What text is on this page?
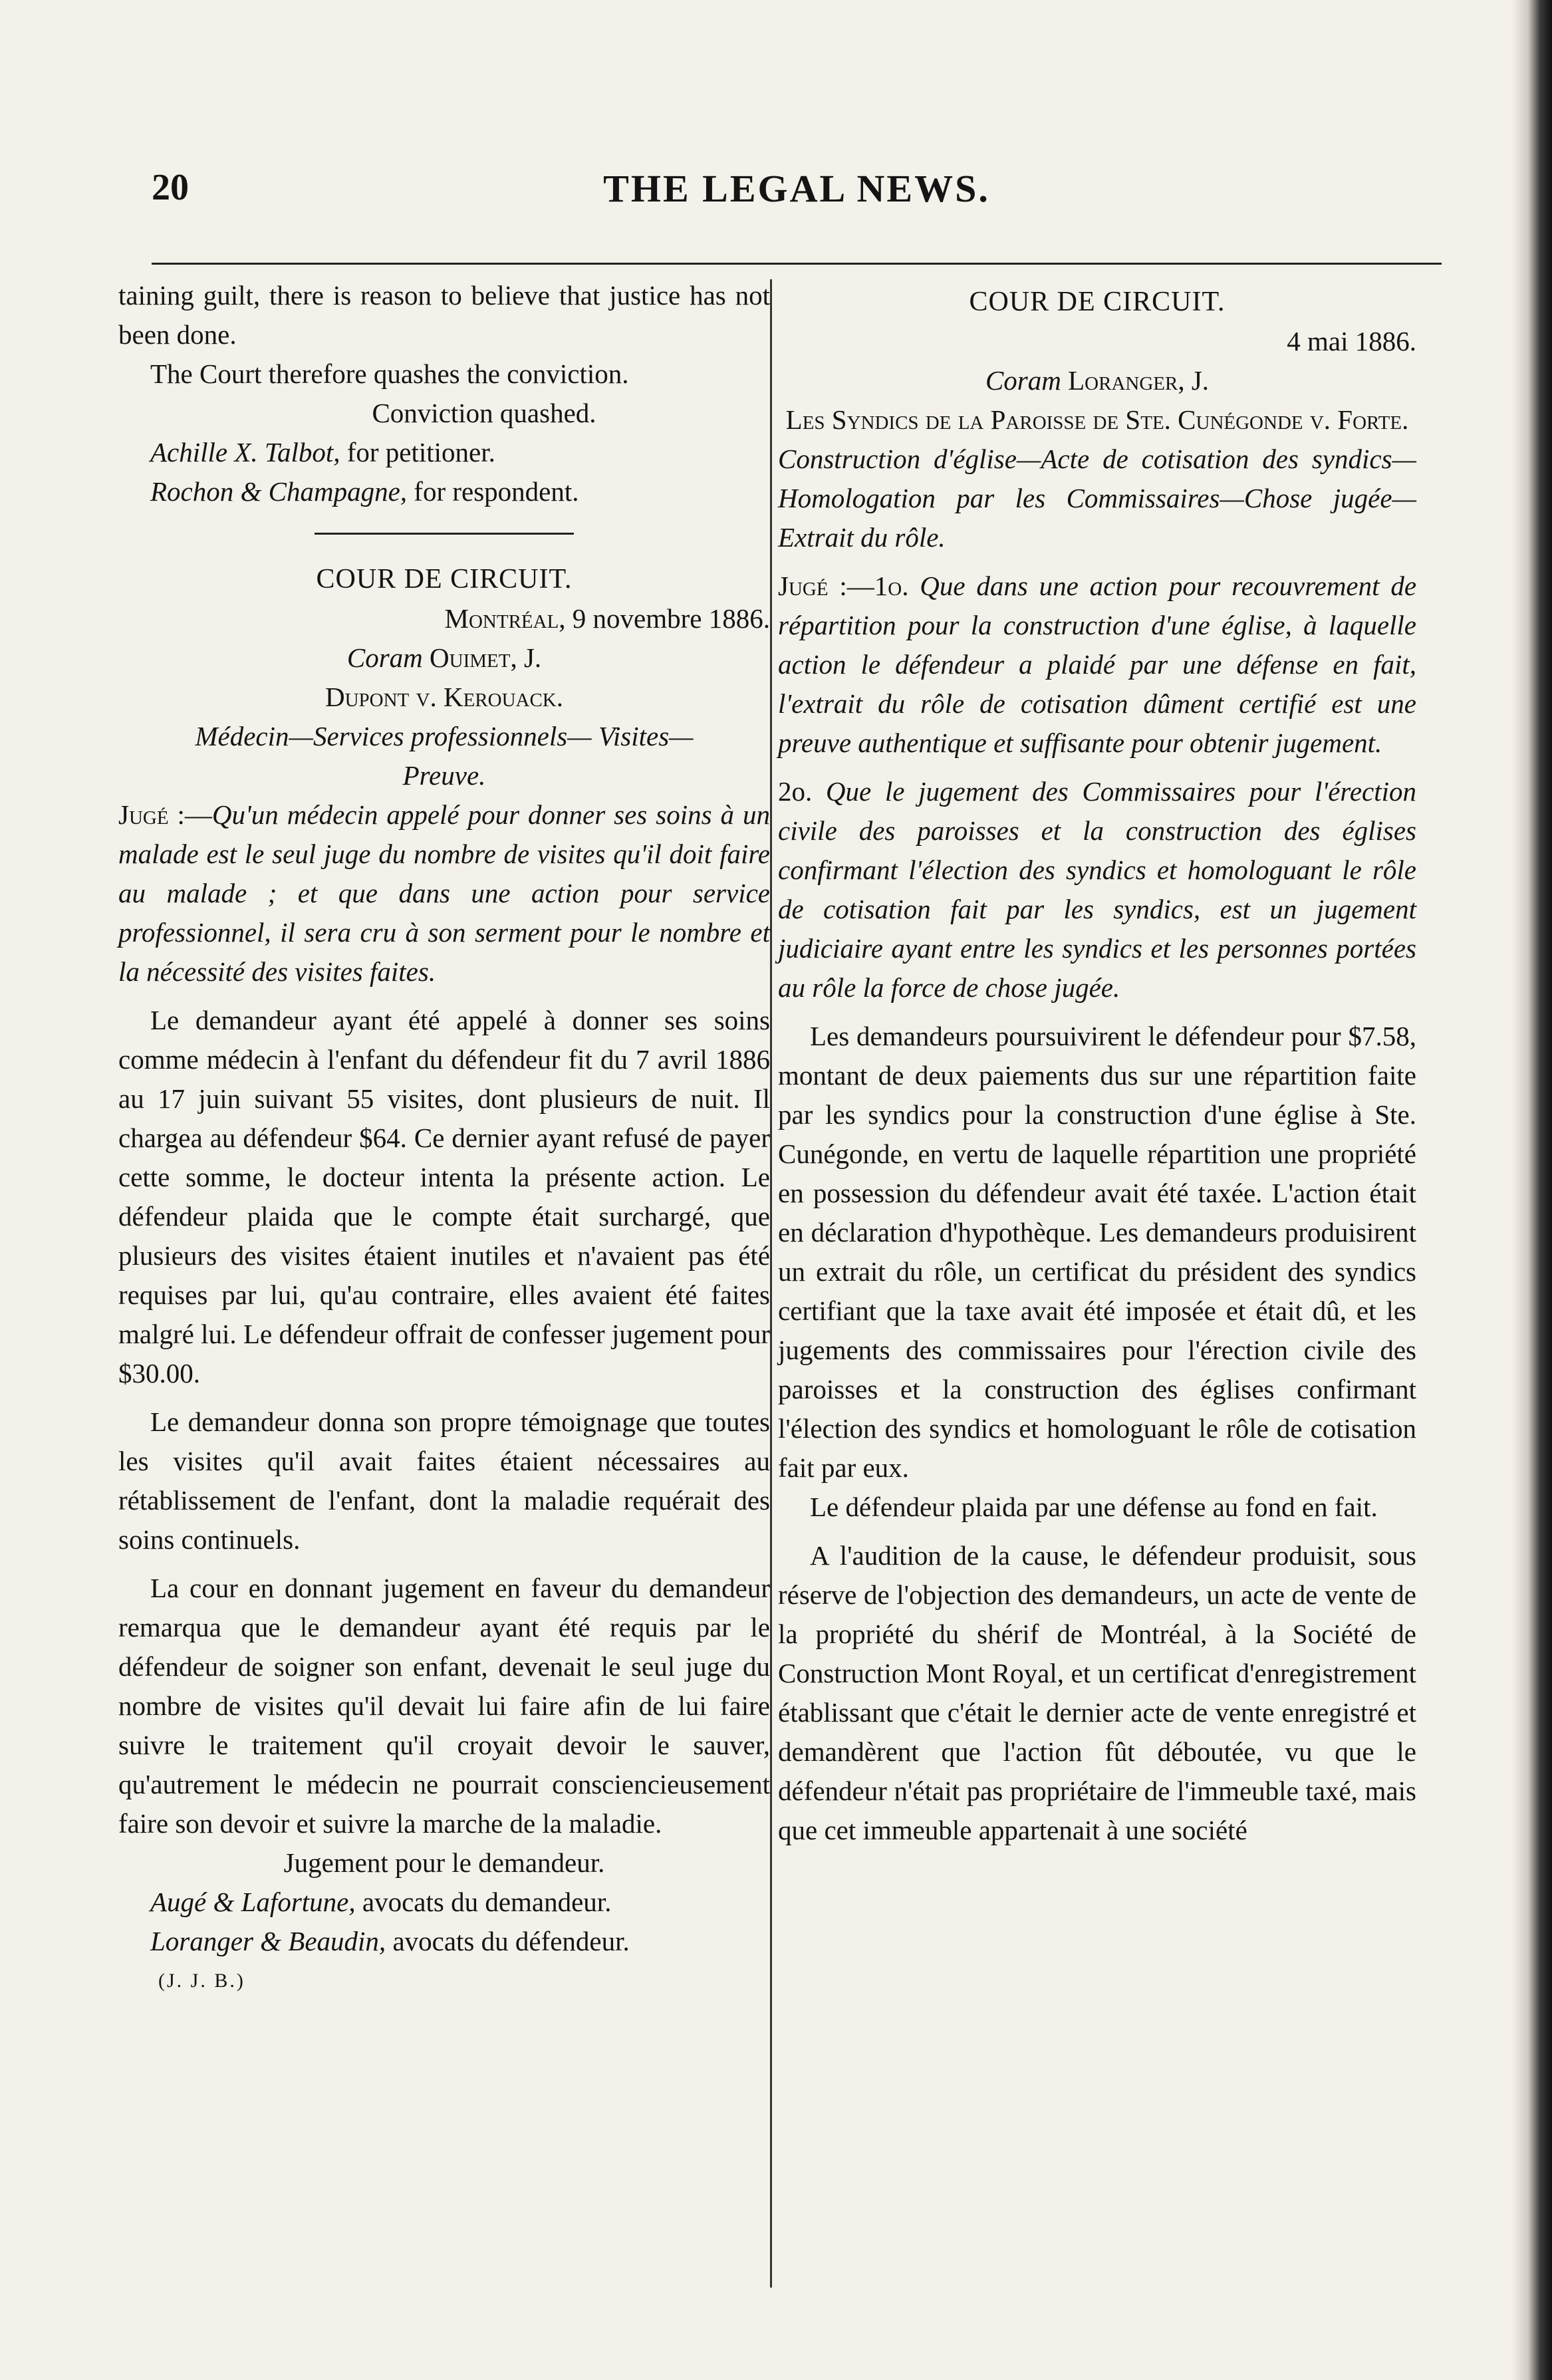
20	THE LEGAL NEWS.

taining guilt, there is reason to believe that justice has not been done.

The Court therefore quashes the conviction.

Conviction quashed.

Achille X. Talbot, for petitioner.

Rochon & Champagne, for respondent.

COUR DE CIRCUIT.

Montréal, 9 novembre 1886.

Coram Ouimet, J.

Dupont v. Kerouack.

Médecin—Services professionnels— Visites— Preuve.

Jugé :—Qu'un médecin appelé pour donner ses soins à un malade est le seul juge du nombre de visites qu'il doit faire au malade ; et que dans une action pour service professionnel, il sera cru à son serment pour le nombre et la nécessité des visites faites.

Le demandeur ayant été appelé à donner ses soins comme médecin à l'enfant du défendeur fit du 7 avril 1886 au 17 juin suivant 55 visites, dont plusieurs de nuit. Il chargea au défendeur $64. Ce dernier ayant refusé de payer cette somme, le docteur intenta la présente action. Le défendeur plaida que le compte était surchargé, que plusieurs des visites étaient inutiles et n'avaient pas été requises par lui, qu'au contraire, elles avaient été faites malgré lui. Le défendeur offrait de confesser jugement pour $30.00.

Le demandeur donna son propre témoignage que toutes les visites qu'il avait faites étaient nécessaires au rétablissement de l'enfant, dont la maladie requérait des soins continuels.

La cour en donnant jugement en faveur du demandeur remarqua que le demandeur ayant été requis par le défendeur de soigner son enfant, devenait le seul juge du nombre de visites qu'il devait lui faire afin de lui faire suivre le traitement qu'il croyait devoir le sauver, qu'autrement le médecin ne pourrait consciencieusement faire son devoir et suivre la marche de la maladie.

Jugement pour le demandeur.

Augé & Lafortune, avocats du demandeur.

Loranger & Beaudin, avocats du défendeur.

(J. J. B.)

COUR DE CIRCUIT.

4 mai 1886.

Coram Loranger, J.

Les Syndics de la Paroisse de Ste. Cunégonde v. Forte.

Construction d'église—Acte de cotisation des syndics—Homologation par les Commissaires—Chose jugée—Extrait du rôle.

Jugé :—1o. Que dans une action pour recouvrement de répartition pour la construction d'une église, à laquelle action le défendeur a plaidé par une défense en fait, l'extrait du rôle de cotisation dûment certifié est une preuve authentique et suffisante pour obtenir jugement.

2o. Que le jugement des Commissaires pour l'érection civile des paroisses et la construction des églises confirmant l'élection des syndics et homologuant le rôle de cotisation fait par les syndics, est un jugement judiciaire ayant entre les syndics et les personnes portées au rôle la force de chose jugée.

Les demandeurs poursuivirent le défendeur pour $7.58, montant de deux paiements dus sur une répartition faite par les syndics pour la construction d'une église à Ste. Cunégonde, en vertu de laquelle répartition une propriété en possession du défendeur avait été taxée. L'action était en déclaration d'hypothèque. Les demandeurs produisirent un extrait du rôle, un certificat du président des syndics certifiant que la taxe avait été imposée et était dû, et les jugements des commissaires pour l'érection civile des paroisses et la construction des églises confirmant l'élection des syndics et homologuant le rôle de cotisation fait par eux.

Le défendeur plaida par une défense au fond en fait.

A l'audition de la cause, le défendeur produisit, sous réserve de l'objection des demandeurs, un acte de vente de la propriété du shérif de Montréal, à la Société de Construction Mont Royal, et un certificat d'enregistrement établissant que c'était le dernier acte de vente enregistré et demandèrent que l'action fût déboutée, vu que le défendeur n'était pas propriétaire de l'immeuble taxé, mais que cet immeuble appartenait à une société
